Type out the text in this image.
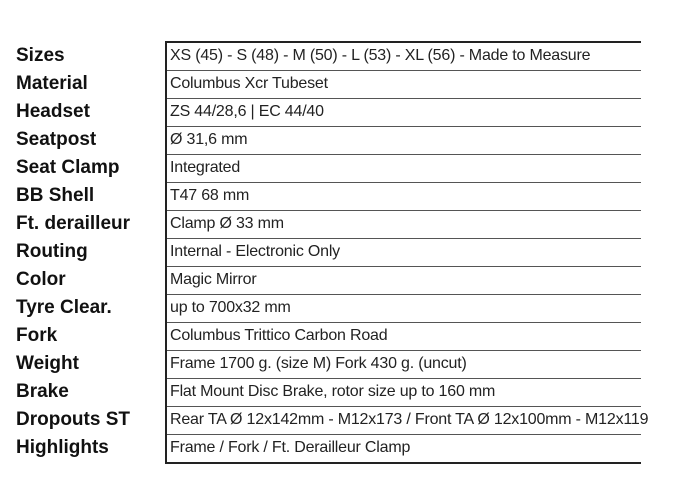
Sizes	XS (45) - S (48) - M (50) - L (53) - XL (56) - Made to Measure
Material	Columbus Xcr Tubeset
Headset	ZS 44/28,6 | EC 44/40
Seatpost	Ø 31,6 mm
Seat Clamp	Integrated
BB Shell	T47 68 mm
Ft. derailleur	Clamp Ø 33 mm
Routing	Internal - Electronic Only
Color	Magic Mirror
Tyre Clear.	up to 700x32 mm
Fork	Columbus Trittico Carbon Road
Weight	Frame 1700 g. (size M) Fork 430 g. (uncut)
Brake	Flat Mount Disc Brake, rotor size up to 160 mm
Dropouts ST	Rear TA Ø 12x142mm - M12x173 / Front TA Ø 12x100mm - M12x119
Highlights	Frame / Fork / Ft. Derailleur Clamp
